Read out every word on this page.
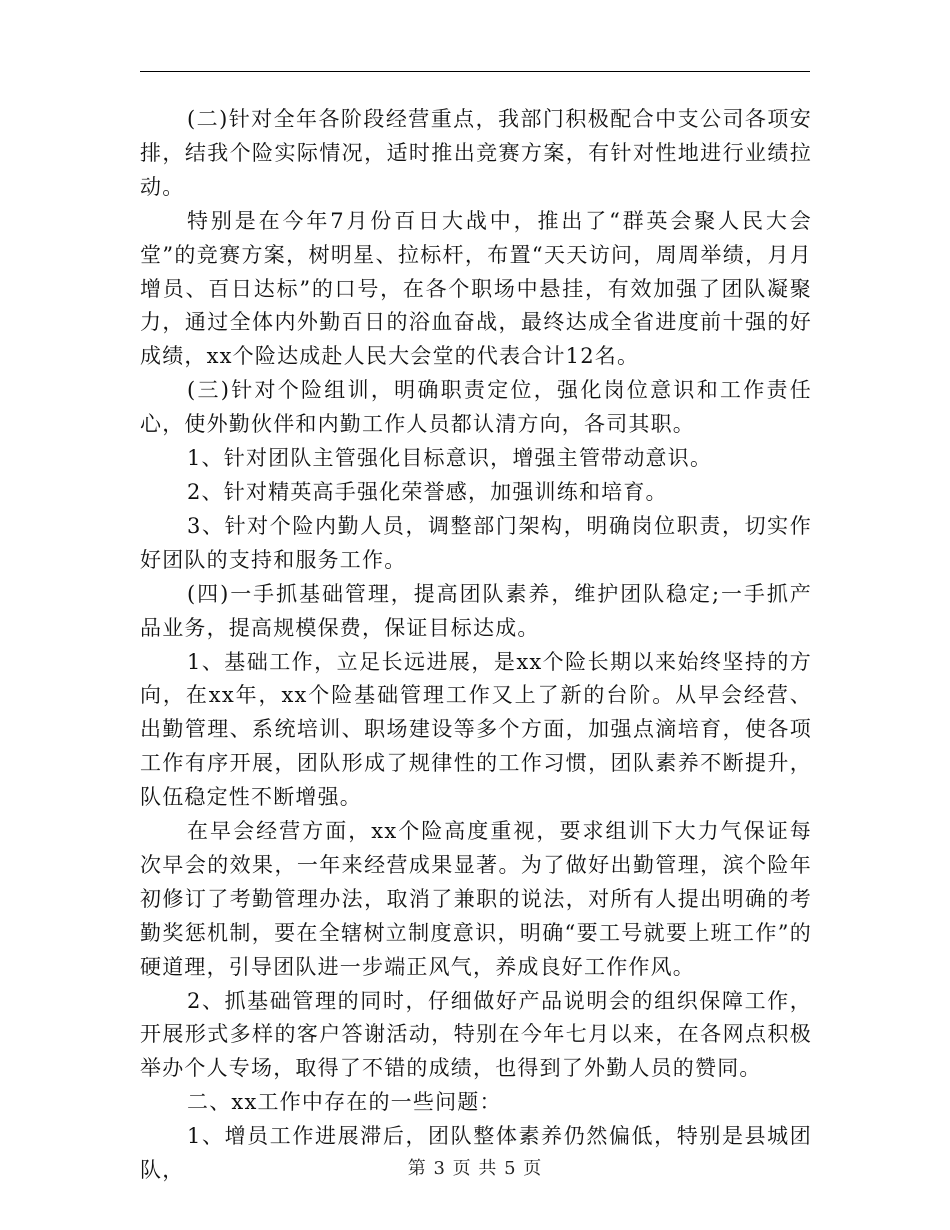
(二)针对全年各阶段经营重点，我部门积极配合中支公司各项安排，结我个险实际情况，适时推出竞赛方案，有针对性地进行业绩拉动。

特别是在今年7月份百日大战中，推出了“群英会聚人民大会堂”的竞赛方案，树明星、拉标杆，布置“天天访问，周周举绩，月月增员、百日达标”的口号，在各个职场中悬挂，有效加强了团队凝聚力，通过全体内外勤百日的浴血奋战，最终达成全省进度前十强的好成绩，xx个险达成赴人民大会堂的代表合计12名。

(三)针对个险组训，明确职责定位，强化岗位意识和工作责任心，使外勤伙伴和内勤工作人员都认清方向，各司其职。

1、针对团队主管强化目标意识，增强主管带动意识。

2、针对精英高手强化荣誉感，加强训练和培育。

3、针对个险内勤人员，调整部门架构，明确岗位职责，切实作好团队的支持和服务工作。

(四)一手抓基础管理，提高团队素养，维护团队稳定;一手抓产品业务，提高规模保费，保证目标达成。

1、基础工作，立足长远进展，是xx个险长期以来始终坚持的方向，在xx年，xx个险基础管理工作又上了新的台阶。从早会经营、出勤管理、系统培训、职场建设等多个方面，加强点滴培育，使各项工作有序开展，团队形成了规律性的工作习惯，团队素养不断提升，队伍稳定性不断增强。

在早会经营方面，xx个险高度重视，要求组训下大力气保证每次早会的效果，一年来经营成果显著。为了做好出勤管理，滨个险年初修订了考勤管理办法，取消了兼职的说法，对所有人提出明确的考勤奖惩机制，要在全辖树立制度意识，明确“要工号就要上班工作”的硬道理，引导团队进一步端正风气，养成良好工作作风。

2、抓基础管理的同时，仔细做好产品说明会的组织保障工作，开展形式多样的客户答谢活动，特别在今年七月以来，在各网点积极举办个人专场，取得了不错的成绩，也得到了外勤人员的赞同。

二、xx工作中存在的一些问题：

1、增员工作进展滞后，团队整体素养仍然偏低，特别是县城团队，	第 3 页 共 5 页
